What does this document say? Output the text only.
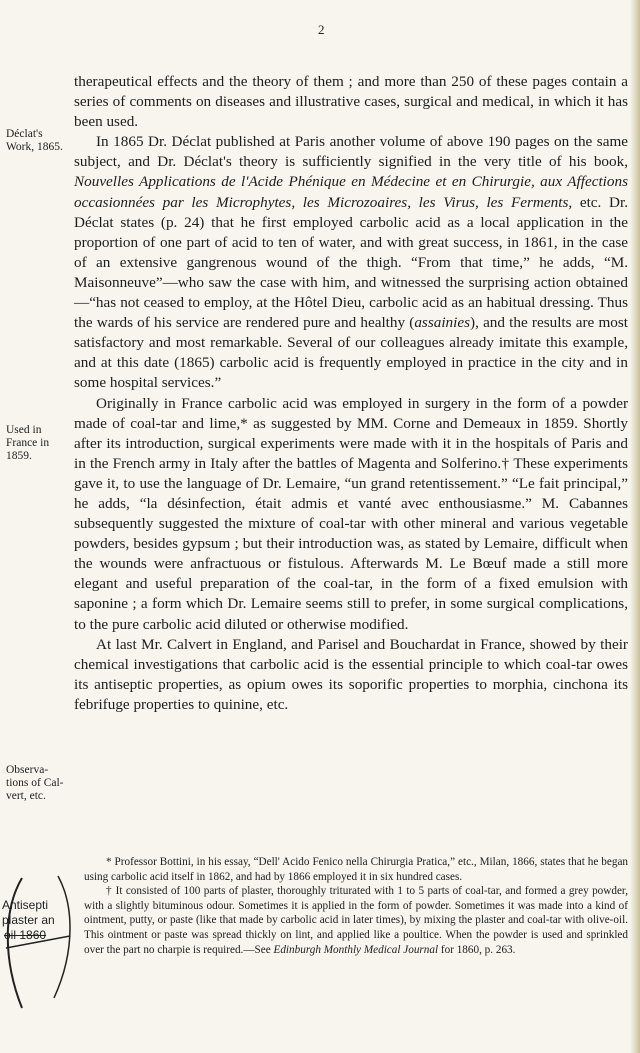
2
Déclat's Work, 1865.
Used in France in 1859.
Observa- tions of Cal- vert, etc.

therapeutical effects and the theory of them ; and more than 250 of these pages contain a series of comments on diseases and illustrative cases, surgical and medical, in which it has been used.

In 1865 Dr. Déclat published at Paris another volume of above 190 pages on the same subject, and Dr. Déclat's theory is sufficiently signified in the very title of his book, Nouvelles Applications de l'Acide Phénique en Médecine et en Chirurgie, aux Affections occasionnées par les Microphytes, les Microzoaires, les Virus, les Ferments, etc. Dr. Déclat states (p. 24) that he first employed carbolic acid as a local application in the proportion of one part of acid to ten of water, and with great success, in 1861, in the case of an extensive gangrenous wound of the thigh. “From that time,” he adds, “M. Maisonneuve”—who saw the case with him, and witnessed the surprising action obtained—“has not ceased to employ, at the Hôtel Dieu, carbolic acid as an habitual dressing. Thus the wards of his service are rendered pure and healthy (assainies), and the results are most satisfactory and most remarkable. Several of our colleagues already imitate this example, and at this date (1865) carbolic acid is frequently employed in practice in the city and in some hospital services.”

Originally in France carbolic acid was employed in surgery in the form of a powder made of coal-tar and lime,* as suggested by MM. Corne and Demeaux in 1859. Shortly after its introduction, surgical experiments were made with it in the hospitals of Paris and in the French army in Italy after the battles of Magenta and Solferino.† These experiments gave it, to use the language of Dr. Lemaire, “un grand retentissement.” “Le fait principal,” he adds, “la désinfection, était admis et vanté avec enthousiasme.” M. Cabannes subsequently suggested the mixture of coal-tar with other mineral and various vegetable powders, besides gypsum ; but their introduction was, as stated by Lemaire, difficult when the wounds were anfractuous or fistulous. Afterwards M. Le Bœuf made a still more elegant and useful preparation of the coal-tar, in the form of a fixed emulsion with saponine ; a form which Dr. Lemaire seems still to prefer, in some surgical complications, to the pure carbolic acid diluted or otherwise modified.

At last Mr. Calvert in England, and Parisel and Bouchardat in France, showed by their chemical investigations that carbolic acid is the essential principle to which coal-tar owes its antiseptic properties, as opium owes its soporific properties to morphia, cinchona its febrifuge properties to quinine, etc.

* Professor Bottini, in his essay, “Dell' Acido Fenico nella Chirurgia Pratica,” etc., Milan, 1866, states that he began using carbolic acid itself in 1862, and had by 1866 employed it in six hundred cases.

† It consisted of 100 parts of plaster, thoroughly triturated with 1 to 5 parts of coal-tar, and formed a grey powder, with a slightly bituminous odour. Sometimes it is applied in the form of powder. Sometimes it was made into a kind of ointment, putty, or paste (like that made by carbolic acid in later times), by mixing the plaster and coal-tar with olive-oil. This ointment or paste was spread thickly on lint, and applied like a poultice. When the powder is used and sprinkled over the part no charpie is required.—See Edinburgh Monthly Medical Journal for 1860, p. 263.

Antisepti
plaster an
oil 1860
